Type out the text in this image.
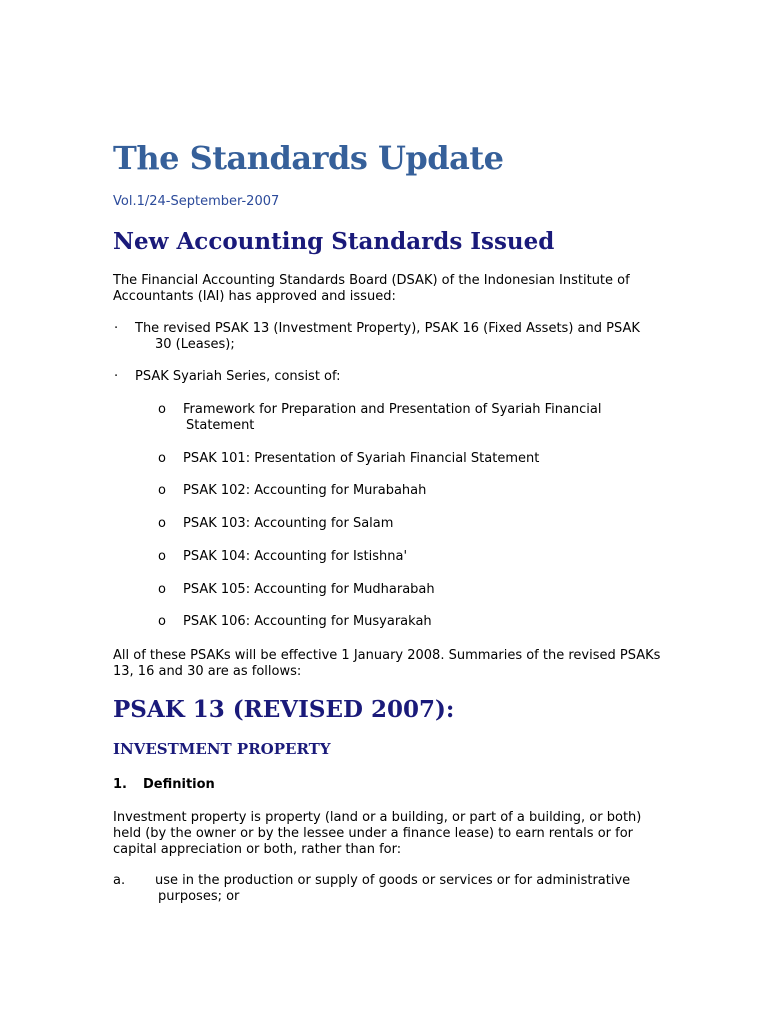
The Standards Update
Vol.1/24-September-2007
New Accounting Standards Issued
The Financial Accounting Standards Board (DSAK) of the Indonesian Institute of
Accountants (IAI) has approved and issued:
· The revised PSAK 13 (Investment Property), PSAK 16 (Fixed Assets) and PSAK
30 (Leases);
· PSAK Syariah Series, consist of:
o Framework for Preparation and Presentation of Syariah Financial
Statement
o PSAK 101: Presentation of Syariah Financial Statement
o PSAK 102: Accounting for Murabahah
o PSAK 103: Accounting for Salam
o PSAK 104: Accounting for Istishna'
o PSAK 105: Accounting for Mudharabah
o PSAK 106: Accounting for Musyarakah
All of these PSAKs will be effective 1 January 2008. Summaries of the revised PSAKs
13, 16 and 30 are as follows:
PSAK 13 (REVISED 2007):
INVESTMENT PROPERTY
1. Definition
Investment property is property (land or a building, or part of a building, or both)
held (by the owner or by the lessee under a finance lease) to earn rentals or for
capital appreciation or both, rather than for:
a. use in the production or supply of goods or services or for administrative
purposes; or
